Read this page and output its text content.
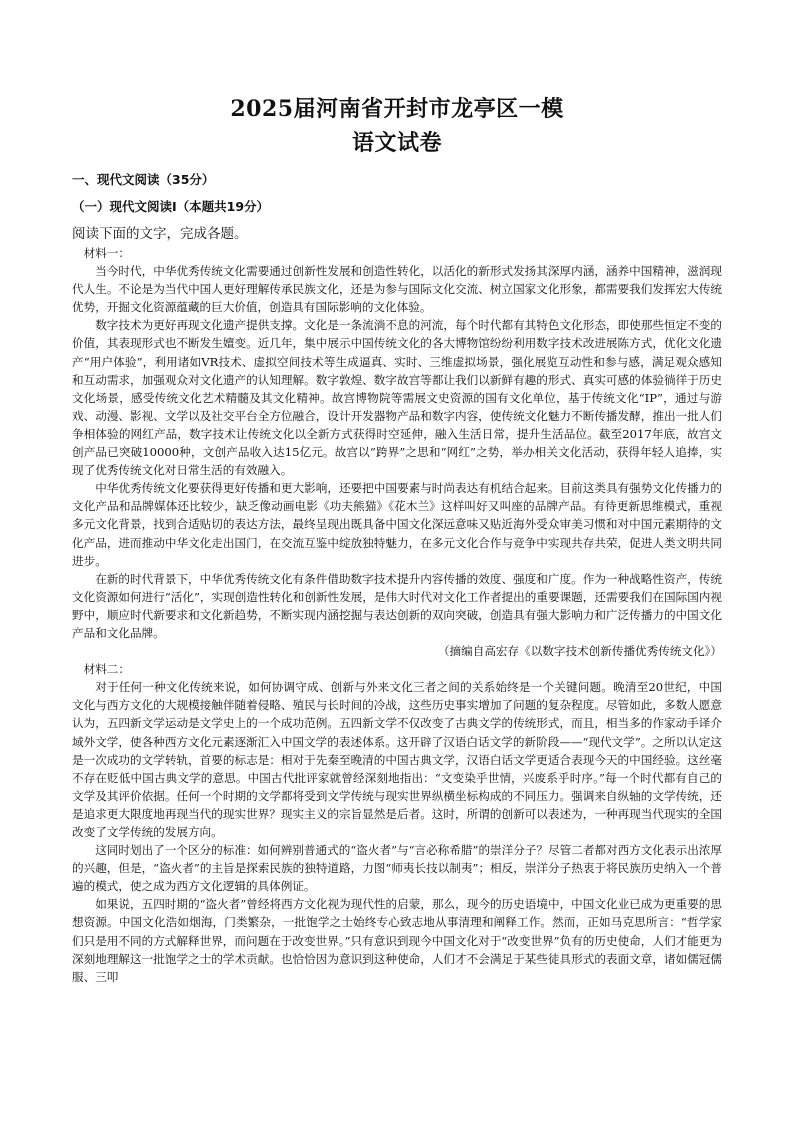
2025届河南省开封市龙亭区一模
语文试卷
一、现代文阅读（35分）
（一）现代文阅读Ⅰ（本题共19分）
阅读下面的文字，完成各题。

材料一：

当今时代，中华优秀传统文化需要通过创新性发展和创造性转化，以活化的新形式发扬其深厚内涵，涵养中国精神，滋润现代人生。不论是为当代中国人更好理解传承民族文化，还是为参与国际文化交流、树立国家文化形象，都需要我们发挥宏大传统优势，开掘文化资源蕴藏的巨大价值，创造具有国际影响的文化体验。

数字技术为更好再现文化遗产提供支撑。文化是一条流淌不息的河流，每个时代都有其特色文化形态，即使那些恒定不变的价值，其表现形式也不断发生嬗变。近几年，集中展示中国传统文化的各大博物馆纷纷利用数字技术改进展陈方式，优化文化遗产“用户体验”，利用诸如VR技术、虚拟空间技术等生成逼真、实时、三维虚拟场景，强化展览互动性和参与感，满足观众感知和互动需求，加强观众对文化遗产的认知理解。数字敦煌、数字故宫等都让我们以新鲜有趣的形式、真实可感的体验徜徉于历史文化场景，感受传统文化艺术精髓及其文化精神。故宫博物院等需展文史资源的国有文化单位，基于传统文化“IP”，通过与游戏、动漫、影视、文学以及社交平台全方位融合，设计开发器物产品和数字内容，使传统文化魅力不断传播发酵，推出一批人们争相体验的网红产品，数字技术让传统文化以全新方式获得时空延伸，融入生活日常，提升生活品位。截至2017年底，故宫文创产品已突破10000种，文创产品收入达15亿元。故宫以“跨界”之思和“网红”之势，举办相关文化活动，获得年轻人追捧，实现了优秀传统文化对日常生活的有效融入。

中华优秀传统文化要获得更好传播和更大影响，还要把中国要素与时尚表达有机结合起来。目前这类具有强势文化传播力的文化产品和品牌媒体还比较少，缺乏像动画电影《功夫熊猫》《花木兰》这样叫好又叫座的品牌产品。有待更新思维模式，重视多元文化背景，找到合适贴切的表达方法，最终呈现出既具备中国文化深远意味又贴近海外受众审美习惯和对中国元素期待的文化产品，进而推动中华文化走出国门，在交流互鉴中绽放独特魅力，在多元文化合作与竞争中实现共存共荣，促进人类文明共同进步。

在新的时代背景下，中华优秀传统文化有条件借助数字技术提升内容传播的效度、强度和广度。作为一种战略性资产，传统文化资源如何进行“活化”，实现创造性转化和创新性发展，是伟大时代对文化工作者提出的重要课题，还需要我们在国际国内视野中，顺应时代新要求和文化新趋势，不断实现内涵挖掘与表达创新的双向突破，创造具有强大影响力和广泛传播力的中国文化产品和文化品牌。

（摘编自高宏存《以数字技术创新传播优秀传统文化》）

材料二：

对于任何一种文化传统来说，如何协调守成、创新与外来文化三者之间的关系始终是一个关键问题。晚清至20世纪，中国文化与西方文化的大规模接触伴随着侵略、殖民与长时间的冷战，这些历史事实增加了问题的复杂程度。尽管如此，多数人愿意认为，五四新文学运动是文学史上的一个成功范例。五四新文学不仅改变了古典文学的传统形式，而且，相当多的作家动手译介域外文学，使各种西方文化元素逐渐汇入中国文学的表述体系。这开辟了汉语白话文学的新阶段——“现代文学”。之所以认定这是一次成功的文学转轨，首要的标志是：相对于先秦至晚清的中国古典文学，汉语白话文学更适合表现今天的中国经验。这丝毫不存在贬低中国古典文学的意思。中国古代批评家就曾经深刻地指出：“文变染乎世情，兴废系乎时序。”每一个时代都有自己的文学及其评价依据。任何一个时期的文学都将受到文学传统与现实世界纵横坐标构成的不同压力。强调来自纵轴的文学传统，还是追求更大限度地再现当代的现实世界？现实主义的宗旨显然是后者。这时，所谓的创新可以表述为，一种再现当代现实的全国改变了文学传统的发展方向。

这同时划出了一个区分的标准：如何辨别普通式的“盗火者”与“言必称希腊”的崇洋分子？尽管二者都对西方文化表示出浓厚的兴趣，但是，“盗火者”的主旨是探索民族的独特道路，力图“师夷长技以制夷”；相反，崇洋分子热衷于将民族历史纳入一个普遍的模式，使之成为西方文化逻辑的具体例证。

如果说，五四时期的“盗火者”曾经将西方文化视为现代性的启蒙，那么，现今的历史语境中，中国文化业已成为更重要的思想资源。中国文化浩如烟海，门类繁杂，一批饱学之士始终专心致志地从事清理和阐释工作。然而，正如马克思所言：“哲学家们只是用不同的方式解释世界，而问题在于改变世界。”只有意识到现今中国文化对于“改变世界”负有的历史使命，人们才能更为深刻地理解这一批饱学之士的学术贡献。也恰恰因为意识到这种使命，人们才不会满足于某些徒具形式的表面文章，诸如儒冠儒服、三叩
